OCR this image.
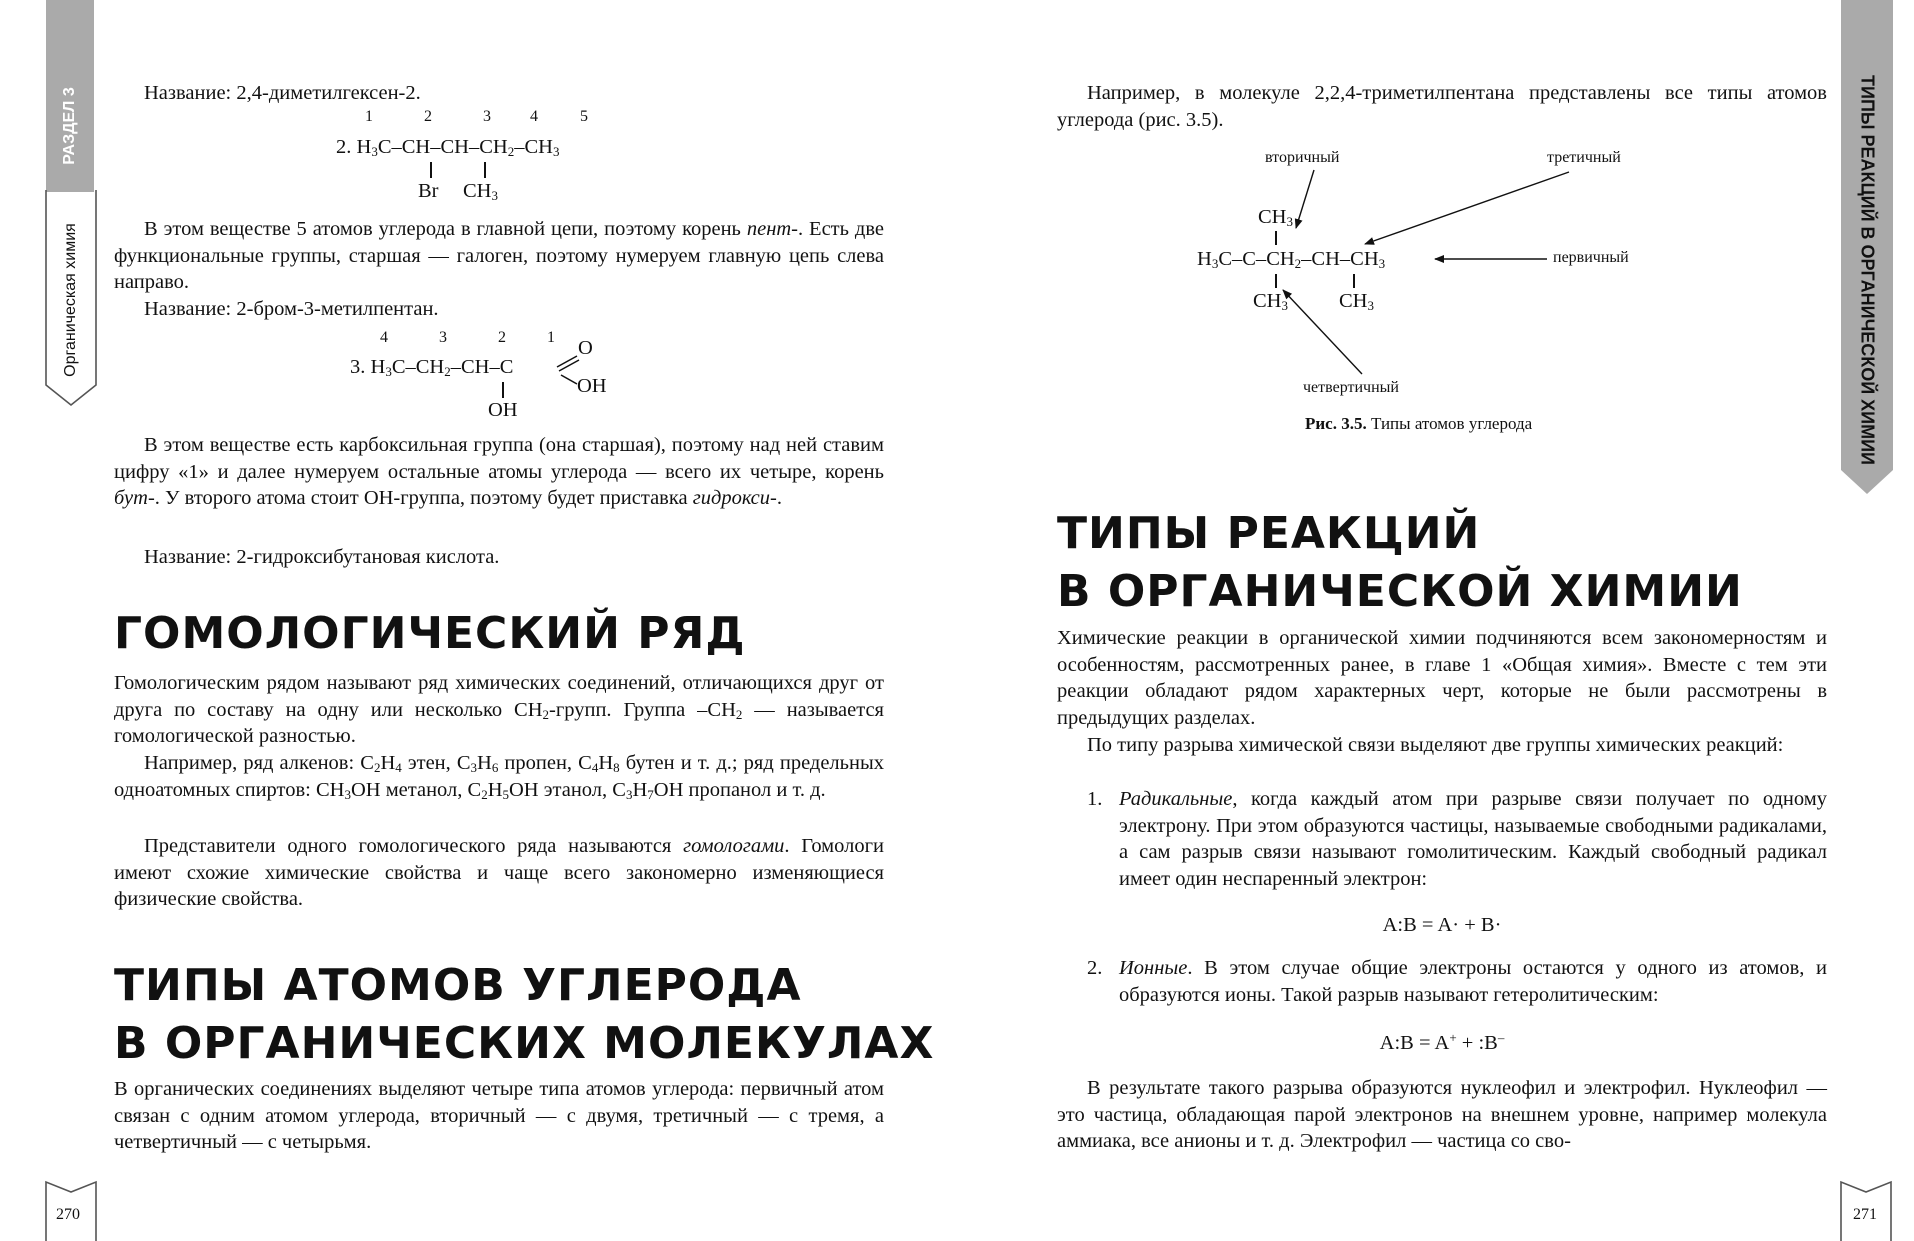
РАЗДЕЛ 3
Органическая химия
Название: 2,4-диметилгексен-2.
1	2	3 4	5
2. $H_3C-CH-CH-CH_2-CH_3$
Br $CH_3$
В этом веществе 5 атомов углерода в главной цепи, поэтому корень пент-. Есть две функциональные группы, старшая — галоген, поэтому нумеруем главную цепь слева направо.
Название: 2-бром-3-метилпентан.
4	3	2	1
3. $H_3C-CH_2-CH-C$
O
OH
OH
В этом веществе есть карбоксильная группа (она старшая), поэтому над ней ставим цифру «1» и далее нумеруем остальные атомы углерода — всего их четыре, корень бут-. У второго атома стоит OH-группа, поэтому будет приставка гидрокси-.
Название: 2-гидроксибутановая кислота.
ГОМОЛОГИЧЕСКИЙ РЯД
Гомологическим рядом называют ряд химических соединений, отличающихся друг от друга по составу на одну или несколько $CH_2$-групп. Группа $-CH_2$ — называется гомологической разностью.
Например, ряд алкенов: $C_2H_4$ этен, $C_3H_6$ пропен, $C_4H_8$ бутен и т. д.; ряд предельных одноатомных спиртов: $CH_3OH$ метанол, $C_2H_5OH$ этанол, $C_3H_7OH$ пропанол и т. д.
Представители одного гомологического ряда называются гомологами. Гомологи имеют схожие химические свойства и чаще всего закономерно изменяющиеся физические свойства.
ТИПЫ АТОМОВ УГЛЕРОДА
В ОРГАНИЧЕСКИХ МОЛЕКУЛАХ
В органических соединениях выделяют четыре типа атомов углерода: первичный атом связан с одним атомом углерода, вторичный — с двумя, третичный — с тремя, а четвертичный — с четырьмя.
270
ТИПЫ РЕАКЦИЙ В ОРГАНИЧЕСКОЙ ХИМИИ
Например, в молекуле 2,2,4-триметилпентана представлены все типы атомов углерода (рис. 3.5).
вторичный	третичный
первичный
четвертичный
$CH_3$
$H_3C-C-CH_2-CH-CH_3$
$CH_3$ $CH_3$
Рис. 3.5. Типы атомов углерода
ТИПЫ РЕАКЦИЙ
В ОРГАНИЧЕСКОЙ ХИМИИ
Химические реакции в органической химии подчиняются всем закономерностям и особенностям, рассмотренных ранее, в главе 1 «Общая химия». Вместе с тем эти реакции обладают рядом характерных черт, которые не были рассмотрены в предыдущих разделах.
По типу разрыва химической связи выделяют две группы химических реакций:
1. Радикальные, когда каждый атом при разрыве связи получает по одному электрону. При этом образуются частицы, называемые свободными радикалами, а сам разрыв связи называют гомолитическим. Каждый свободный радикал имеет один неспаренный электрон:
A:B = A· + B·
2. Ионные. В этом случае общие электроны остаются у одного из атомов, и образуются ионы. Такой разрыв называют гетеролитическим:
A:B = A+ + :B–
В результате такого разрыва образуются нуклеофил и электрофил. Нуклеофил — это частица, обладающая парой электронов на внешнем уровне, например молекула аммиака, все анионы и т. д. Электрофил — частица со сво-
271
